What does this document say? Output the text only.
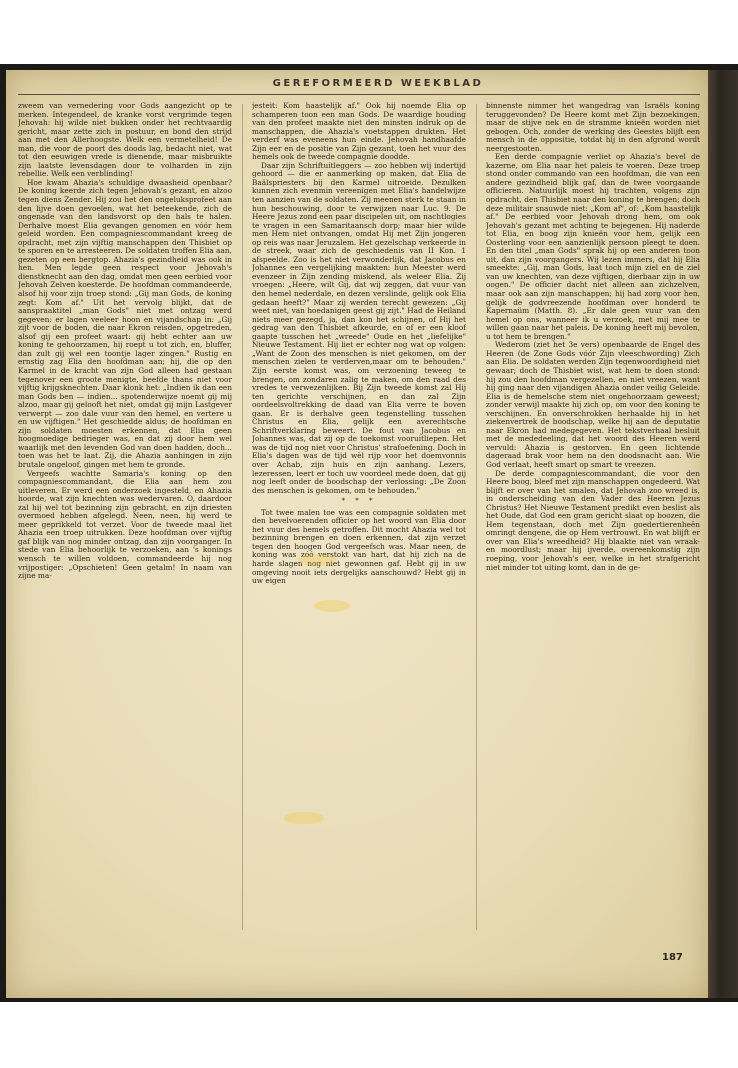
GEREFORMEERD WEEKBLAD

zweem van vernedering voor Gods aangezicht op te merken. Integendeel, de kranke vorst vergrimde tegen Jehovah: hij wilde niet bukken onder het rechtvaardig gericht, maar zette zich in postuur, en bond den strijd aan met den Allerhoogste. Welk een vermetelheid! De man, die voor de poort des doods lag, bedacht niet, wat tot den eeuwigen vrede is dienende, maar misbruikte zijn laatste levensdagen door te volharden in zijn rebellie. Welk een verblinding!

Hoe kwam Ahazia's schuldige dwaasheid openbaar? De koning keerde zich tegen Jehovah's gezant, en alzoo tegen diens Zender. Hij zou het den ongeluksprofeet aan den lijve doen gevoelen, wat het beteekende, zich de ongenade van den landsvorst op den hals te halen. Derhalve moest Elia gevangen genomen en vóór hem geleid worden. Een compagniescommandant kreeg de opdracht, met zijn vijftig manschappen den Thisbiet op te sporen en te arresteeren. De soldaten troffen Elia aan, gezeten op een bergtop. Ahazia's gezindheid was ook in hen. Men legde geen respect voor Jehovah's dienstknecht aan den dag, omdat men geen eerbied voor Jehovah Zelven koesterde. De hoofdman commandeerde, alsof hij voor zijn troep stond: „Gij man Gods, de koning zegt: Kom af." Uit het vervolg blijkt, dat de aanspraaktitel „man Gods" niet met ontzag werd gegeven: er lagen veeleer hoon en vijandschap in: „Gij zijt voor de boden, die naar Ekron reisden, opgetreden, alsof gij een profeet waart: gij hebt echter aan uw koning te gehoorzamen, hij roept u tot zich, en, bluffer, dan zult gij wel een toontje lager zingen." Rustig en ernstig zag Elia den hoofdman aan; hij, die op den Karmel in de kracht van zijn God alleen had gestaan tegenover een groote menigte, beefde thans niet voor vijftig krijgsknechten. Daar klonk het: „Indien ik dan een man Gods ben — indien... spotenderwijze noemt gij mij alzoo, maar gij gelooft het niet, omdat gij mijn Lastgever verwerpt — zoo dale vuur van den hemel, en vertere u en uw vijftigen." Het geschiedde aldus; de hoofdman en zijn soldaten moesten erkennen, dat Elia geen hoogmoedige bedrieger was, en dat zij door hem wel waarlijk met den levenden God van doen hadden, doch... toen was het te laat. Zij, die Ahazia aanhingen in zijn brutale ongeloof, gingen met hem te gronde.

Vergeefs wachtte Samaria's koning op den compagniescommandant, die Elia aan hem zou uitleveren. Er werd een onderzoek ingesteld, en Ahazia hoorde, wat zijn knechten was wedervaren. O, daardoor zal hij wel tot bezinning zijn gebracht, en zijn driesten overmoed hebben afgelegd. Neen, neen, hij werd te meer geprikkeld tot verzet. Voor de tweede maal liet Ahazia een troep uitrukken. Deze hoofdman over vijftig gaf blijk van nog minder ontzag, dan zijn voorganger. In stede van Elia behoorlijk te verzoeken, aan 's konings wensch te willen voldoen, commandeerde hij nog vrijpostiger: „Opschieten! Geen getalm! In naam van zijne ma-

jesteit: Kom haastelijk af." Ook hij noemde Elia op schamperen toon een man Gods. De waardige houding van den profeet maakte niet den minsten indruk op de manschappen, die Ahazia's voetstappen drukten. Het verderf was eveneens hun einde. Jehovah handhaafde Zijn eer en de positie van Zijn gezant, toen het vuur des hemels ook de tweede compagnie doodde.

Daar zijn Schriftuitleggers — zoo hebben wij indertijd gehoord — die er aanmerking op maken, dat Elia de Baälspriesters bij den Karmel uitroeide. Dezulken kunnen zich evenmin vereenigen met Elia's handelwijze ten aanzien van de soldaten. Zij meenen sterk te staan in hun beschouwing, door te verwijzen naar Luc. 9. De Heere Jezus zond een paar discipelen uit, om nachtlogies te vragen in een Samaritaansch dorp; maar hier wilde men Hem niet ontvangen, omdat Hij met Zijn jongeren op reis was naar Jeruzalem. Het gezelschap verkeerde in de streek, waar zich de geschiedenis van II Kon. 1 afspeelde. Zoo is het niet verwonderlijk, dat Jacobus en Johannes een vergelijking maakten: hun Meester werd evenzeer in Zijn zending miskend, als weleer Elia. Zij vroegen: „Heere, wilt Gij, dat wij zeggen, dat vuur van den hemel nederdale, en dezen verslinde, gelijk ook Elia gedaan heeft?" Maar zij werden terecht gewezen: „Gij weet niet, van hoedanigen geest gij zijt." Had de Heiland niets meer gezegd, ja, dan kon het schijnen, of Hij het gedrag van den Thisbiet afkeurde, en of er een kloof gaapte tusschen het „wreede" Oude en het „liefelijke" Nieuwe Testament. Hij liet er echter nog wat op volgen: „Want de Zoon des menschen is niet gekomen, om der menschen zielen te verderven,maar om te behouden." Zijn eerste komst was, om verzoening teweeg te brengen, om zondaren zalig te maken, om den raad des vredes te verwezenlijken. Bij Zijn tweede komst zal Hij ten gerichte verschijnen, en dan zal Zijn oordeelsvoltrekking de daad van Elia verre te boven gaan. Er is derhalve geen tegenstelling tusschen Christus en Elia, gelijk een averechtsche Schriftverklaring beweert. De fout van Jacobus en Johannes was, dat zij op de toekomst vooruitliepen. Het was de tijd nog niet voor Christus' strafoefening. Doch in Elia's dagen was de tijd wèl rijp voor het doemvonnis over Achab, zijn huis en zijn aanhang. Lezers, lezeressen, leert er toch uw voordeel mede doen, dat gij nog leeft onder de boodschap der verlossing: „De Zoon des menschen is gekomen, om te behouden."

* * *

Tot twee malen toe was een compagnie soldaten met den bevelvoerenden officier op het woord van Elia door het vuur des hemels getroffen. Dit mocht Ahazia wel tot bezinning brengen en doen erkennen, dat zijn verzet tegen den hoogen God vergeefsch was. Maar neen, de koning was zóó verstokt van hart, dat hij zich na de harde slagen nog niet gewonnen gaf. Hebt gij in uw omgeving nooit iets dergelijks aanschouwd? Hebt gij in uw eigen

binnenste nimmer het wangedrag van Israëls koning teruggevonden? De Heere komt met Zijn bezoekingen, maar de stijve nek en de stramme knieën worden niet gebogen. Och, zonder de werking des Geestes blijft een mensch in de oppositie, totdat hij in den afgrond wordt neergestooten.

Een derde compagnie verliet op Ahazia's bevel de kazerne, om Elia naar het paleis te voeren. Deze troep stond onder commando van een hoofdman, die van een andere gezindheid blijk gaf, dan de twee voorgaande officieren. Natuurlijk moest hij trachten, volgens zijn opdracht, den Thisbiet naar den koning te brengen; doch deze militair snauwde niet: „Kom af", of: „Kom haastelijk af." De eerbied voor Jehovah drong hem, om ook Jehovah's gezant met achting te bejegenen. Hij naderde tot Elia, en boog zijn knieën voor hem, gelijk een Oosterling voor een aanzienlijk persoon pleegt te doen. En den titel „man Gods" sprak hij op een anderen toon uit, dan zijn voorgangers. Wij lezen immers, dat hij Elia smeekte: „Gij, man Gods, laat toch mijn ziel en de ziel van uw knechten, van deze vijftigen, dierbaar zijn in uw oogen." De officier dacht niet alleen aan zichzelven, maar ook aan zijn manschappen; hij had zorg voor hen, gelijk de godvreezende hoofdman over honderd te Kapernaüm (Matth. 8). „Er dale geen vuur van den hemel op ons, wanneer ik u verzoek, met mij mee te willen gaan naar het paleis. De koning heeft mij bevolen, u tot hem te brengen."

Wederom (ziet het 3e vers) openbaarde de Engel des Heeren (de Zone Gods vóór Zijn vleeschwording) Zich aan Elia. De soldaten werden Zijn tegenwoordigheid niet gewaar; doch de Thisbiet wist, wat hem te doen stond: hij zou den hoofdman vergezellen, en niet vreezen, want hij ging naar den vijandigen Ahazia onder veilig Geleide. Elia is de hemelsche stem niet ongehoorzaam geweest; zonder verwijl maakte hij zich op, om voor den koning te verschijnen. En onverschrokken herhaalde hij in het ziekenvertrek de boodschap, welke hij aan de deputatie naar Ekron had medegegeven. Het tekstverhaal besluit met de mededeeling, dat het woord des Heeren werd vervuld: Ahazia is gestorven. En geen lichtende dageraad brak voor hem na den doodsnacht aan. Wie God verlaat, heeft smart op smart te vreezen.

De derde compagniescommandant, die voor den Heere boog, bleef met zijn manschappen ongedeerd. Wat blijft er over van het smalen, dat Jehovah zoo wreed is, in onderscheiding van den Vader des Heeren Jezus Christus? Het Nieuwe Testament predikt even beslist als het Oude, dat God een gram gericht slaat op boozen, die Hem tegenstaan, doch met Zijn goedertierenheên omringt dengene, die op Hem vertrouwt. En wat blijft er over van Elia's wreedheid? Hij blaakte niet van wraak- en moordlust; maar hij ijverde, overeenkomstig zijn roeping, voor Jehovah's eer, welke in het strafgericht niet minder tot uiting komt, dan in de ge-

187
